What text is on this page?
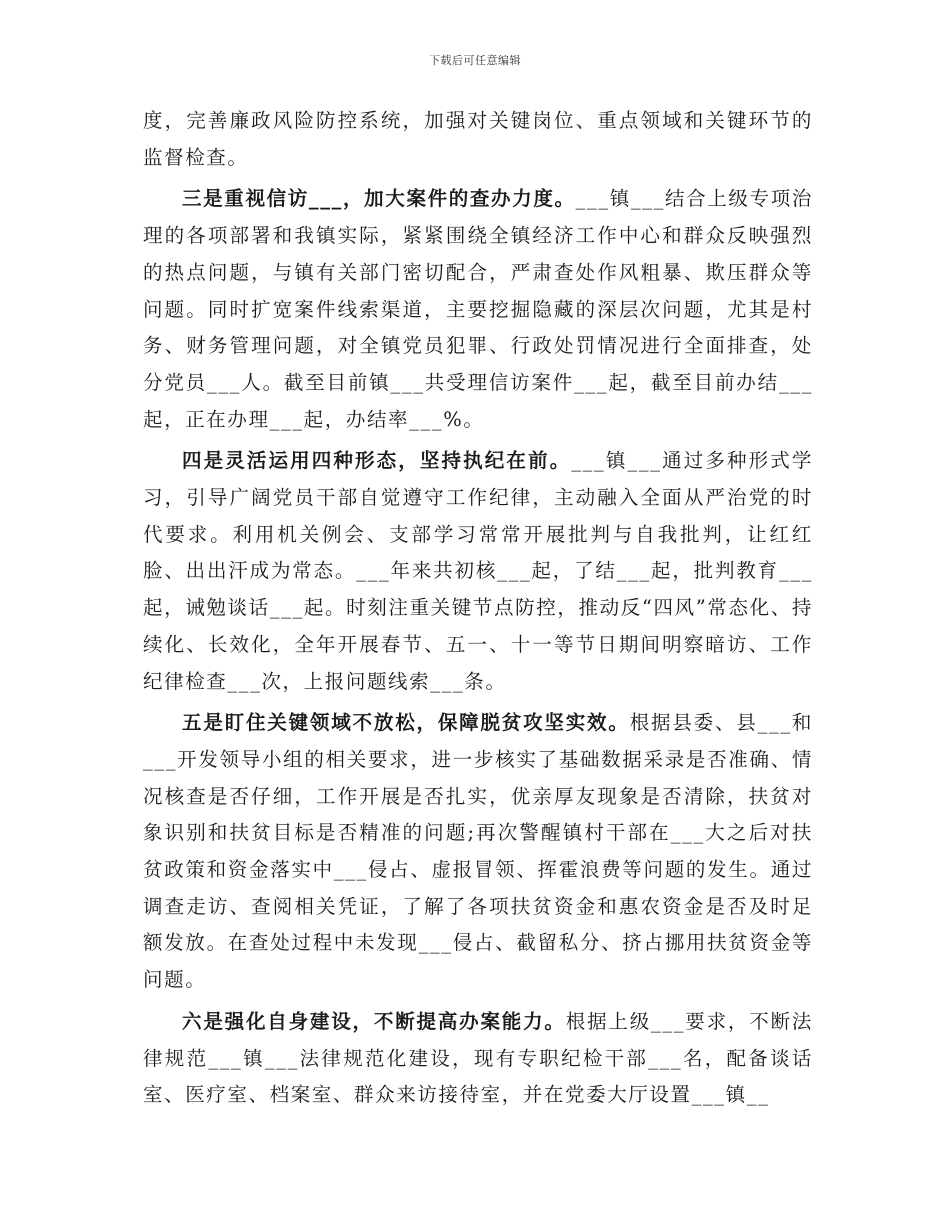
下载后可任意编辑

度，完善廉政风险防控系统，加强对关键岗位、重点领域和关键环节的监督检查。

三是重视信访___，加大案件的查办力度。___镇___结合上级专项治理的各项部署和我镇实际，紧紧围绕全镇经济工作中心和群众反映强烈的热点问题，与镇有关部门密切配合，严肃查处作风粗暴、欺压群众等问题。同时扩宽案件线索渠道，主要挖掘隐藏的深层次问题，尤其是村务、财务管理问题，对全镇党员犯罪、行政处罚情况进行全面排查，处分党员___人。截至目前镇___共受理信访案件___起，截至目前办结___起，正在办理___起，办结率___%。

四是灵活运用四种形态，坚持执纪在前。___镇___通过多种形式学习，引导广阔党员干部自觉遵守工作纪律，主动融入全面从严治党的时代要求。利用机关例会、支部学习常常开展批判与自我批判，让红红脸、出出汗成为常态。___年来共初核___起，了结___起，批判教育___起，诫勉谈话___起。时刻注重关键节点防控，推动反“四风”常态化、持续化、长效化，全年开展春节、五一、十一等节日期间明察暗访、工作纪律检查___次，上报问题线索___条。

五是盯住关键领域不放松，保障脱贫攻坚实效。根据县委、县___和___开发领导小组的相关要求，进一步核实了基础数据采录是否准确、情况核查是否仔细，工作开展是否扎实，优亲厚友现象是否清除，扶贫对象识别和扶贫目标是否精准的问题;再次警醒镇村干部在___大之后对扶贫政策和资金落实中___侵占、虚报冒领、挥霍浪费等问题的发生。通过调查走访、查阅相关凭证，了解了各项扶贫资金和惠农资金是否及时足额发放。在查处过程中未发现___侵占、截留私分、挤占挪用扶贫资金等问题。

六是强化自身建设，不断提高办案能力。根据上级___要求，不断法律规范___镇___法律规范化建设，现有专职纪检干部___名，配备谈话室、医疗室、档案室、群众来访接待室，并在党委大厅设置___镇__
